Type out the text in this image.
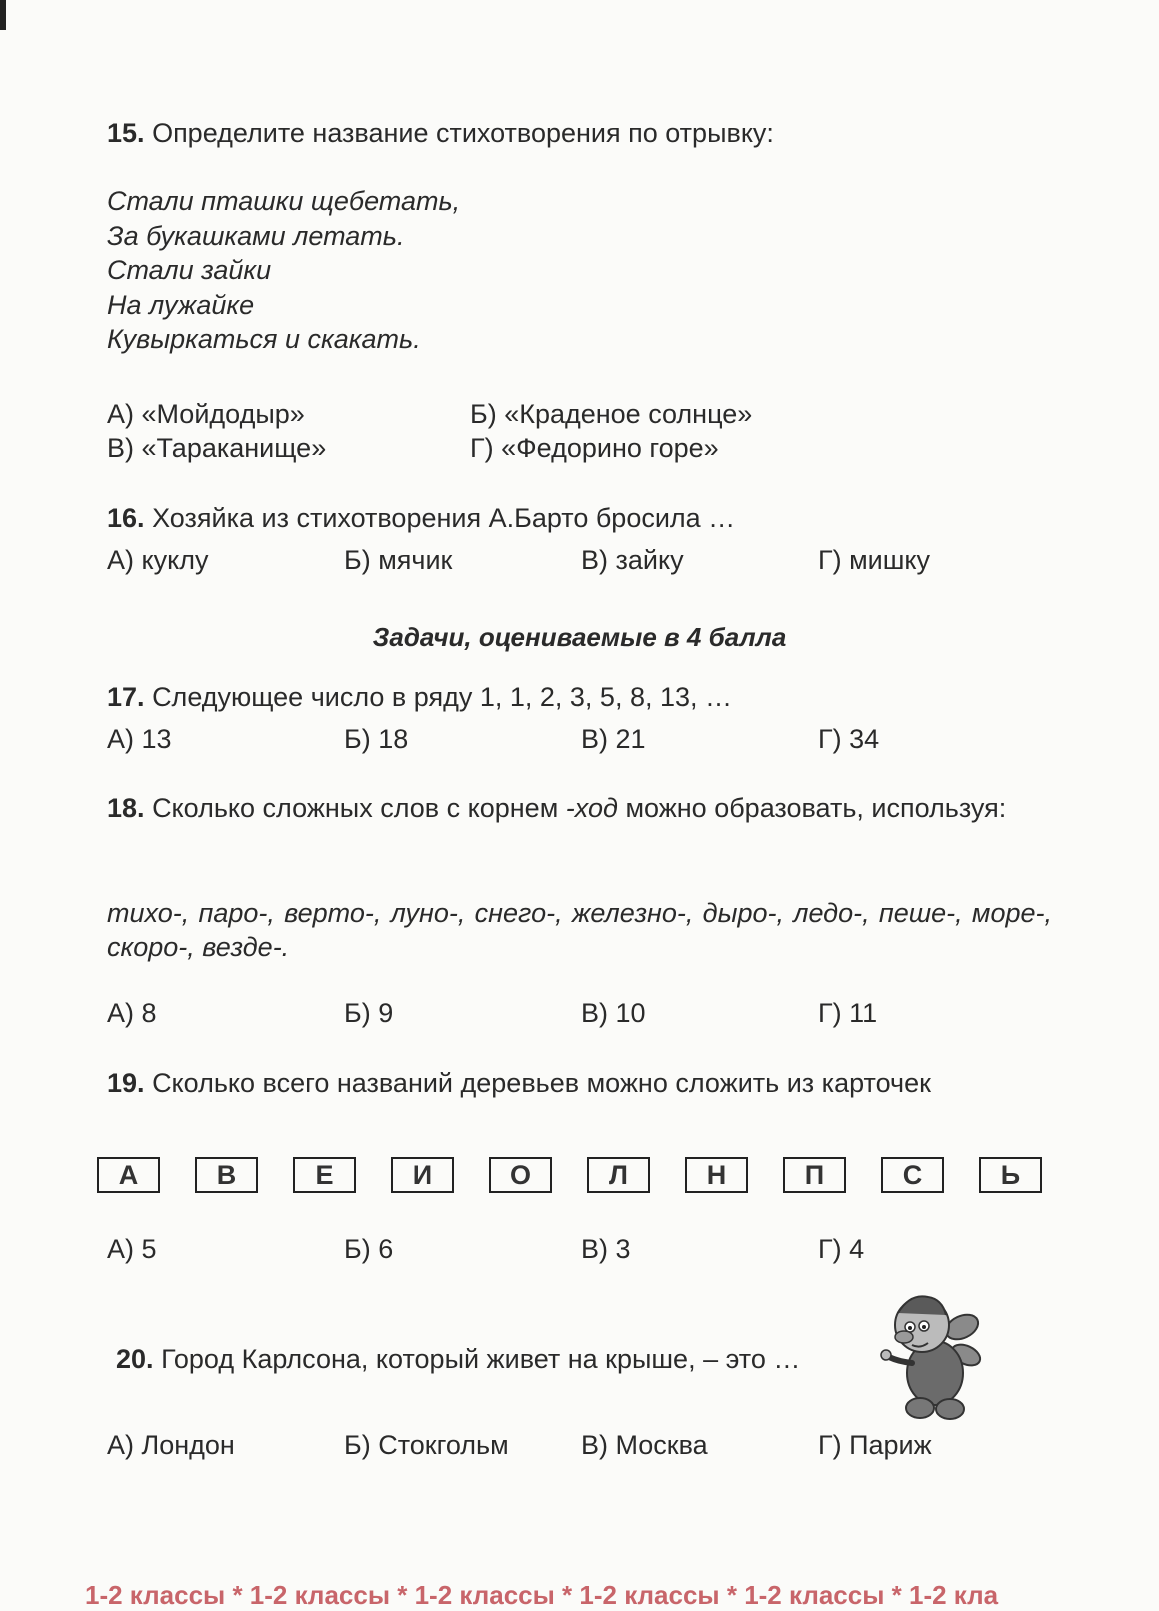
15. Определите название стихотворения по отрывку:
Стали пташки щебетать,
За букашками летать.
Стали зайки
На лужайке
Кувыркаться и скакать.
А) «Мойдодыр»	Б) «Краденое солнце»
В) «Тараканище»	Г) «Федорино горе»
16. Хозяйка из стихотворения А.Барто бросила …
А) куклу	Б) мячик	В) зайку	Г) мишку
Задачи, оцениваемые в 4 балла
17. Следующее число в ряду 1, 1, 2, 3, 5, 8, 13, …
А) 13	Б) 18	В) 21	Г) 34
18. Сколько сложных слов с корнем -ход можно образовать, используя:
тихо-, паро-, верто-, луно-, снего-, железно-, дыро-, ледо-, пеше-, море-, скоро-, везде-.
А) 8	Б) 9	В) 10	Г) 11
19. Сколько всего названий деревьев можно сложить из карточек
А	В	Е	И	О	Л	Н	П	С	Ь
А) 5	Б) 6	В) 3	Г) 4
20. Город Карлсона, который живет на крыше, – это …
А) Лондон	Б) Стокгольм	В) Москва	Г) Париж
1-2 классы * 1-2 классы * 1-2 классы * 1-2 классы * 1-2 классы * 1-2 кла
